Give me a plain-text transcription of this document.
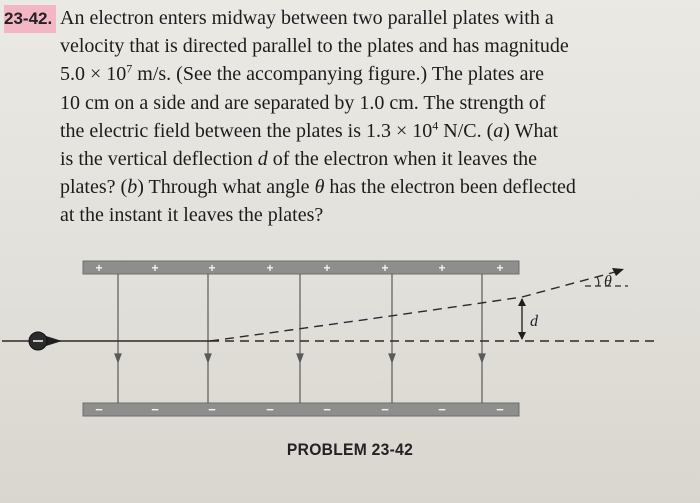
23-42. An electron enters midway between two parallel plates with a
velocity that is directed parallel to the plates and has magnitude
$5.0 \times 10^7$ m/s. (See the accompanying figure.) The plates are
10 cm on a side and are separated by 1.0 cm. The strength of
the electric field between the plates is $1.3 \times 10^4$ N/C. (a) What
is the vertical deflection d of the electron when it leaves the
plates? (b) Through what angle θ has the electron been deflected
at the instant it leaves the plates?
+	+	+	+	+	+	+	+
−	−	−	−	−	−	−	−
θ
d
PROBLEM 23-42
